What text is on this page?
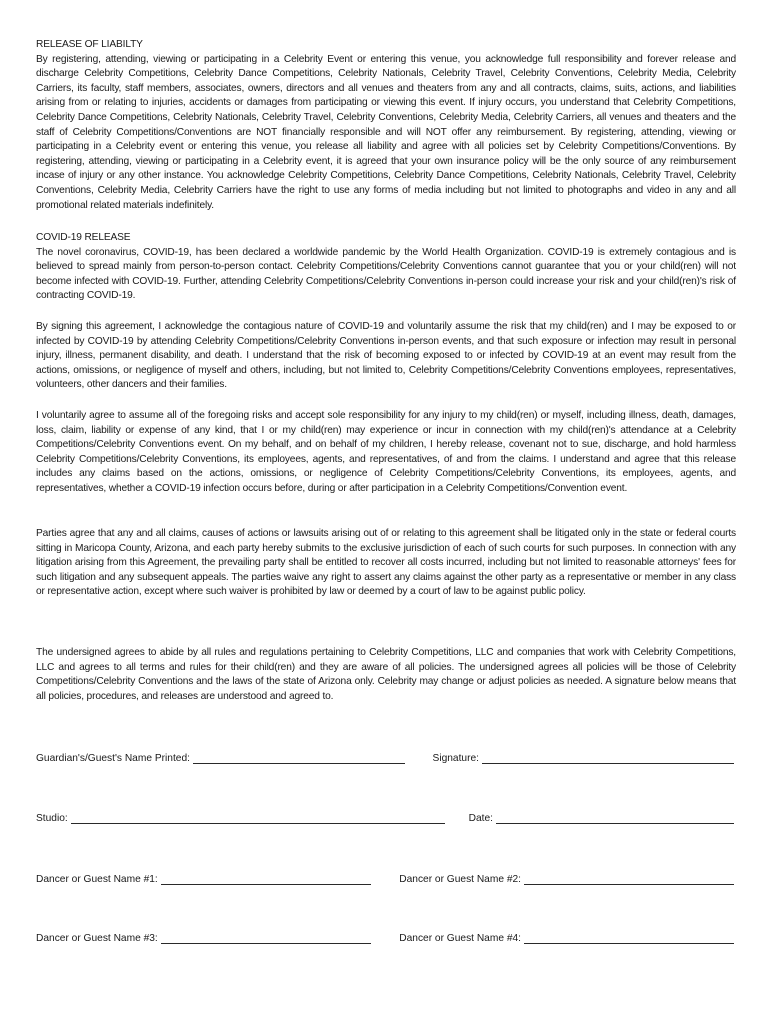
RELEASE OF LIABILTY
By registering, attending, viewing or participating in a Celebrity Event or entering this venue, you acknowledge full responsibility and forever release and discharge Celebrity Competitions, Celebrity Dance Competitions, Celebrity Nationals, Celebrity Travel, Celebrity Conventions, Celebrity Media, Celebrity Carriers, its faculty, staff members, associates, owners, directors and all venues and theaters from any and all contracts, claims, suits, actions, and liabilities arising from or relating to injuries, accidents or damages from participating or viewing this event. If injury occurs, you understand that Celebrity Competitions, Celebrity Dance Competitions, Celebrity Nationals, Celebrity Travel, Celebrity Conventions, Celebrity Media, Celebrity Carriers, all venues and theaters and the staff of Celebrity Competitions/Conventions are NOT financially responsible and will NOT offer any reimbursement. By registering, attending, viewing or participating in a Celebrity event or entering this venue, you release all liability and agree with all policies set by Celebrity Competitions/Conventions. By registering, attending, viewing or participating in a Celebrity event, it is agreed that your own insurance policy will be the only source of any reimbursement incase of injury or any other instance. You acknowledge Celebrity Competitions, Celebrity Dance Competitions, Celebrity Nationals, Celebrity Travel, Celebrity Conventions, Celebrity Media, Celebrity Carriers have the right to use any forms of media including but not limited to photographs and video in any and all promotional related materials indefinitely.
COVID-19 RELEASE
The novel coronavirus, COVID-19, has been declared a worldwide pandemic by the World Health Organization. COVID-19 is extremely contagious and is believed to spread mainly from person-to-person contact. Celebrity Competitions/Celebrity Conventions cannot guarantee that you or your child(ren) will not become infected with COVID-19. Further, attending Celebrity Competitions/Celebrity Conventions in-person could increase your risk and your child(ren)'s risk of contracting COVID-19.

By signing this agreement, I acknowledge the contagious nature of COVID-19 and voluntarily assume the risk that my child(ren) and I may be exposed to or infected by COVID-19 by attending Celebrity Competitions/Celebrity Conventions in-person events, and that such exposure or infection may result in personal injury, illness, permanent disability, and death. I understand that the risk of becoming exposed to or infected by COVID-19 at an event may result from the actions, omissions, or negligence of myself and others, including, but not limited to, Celebrity Competitions/Celebrity Conventions employees, representatives, volunteers, other dancers and their families.

I voluntarily agree to assume all of the foregoing risks and accept sole responsibility for any injury to my child(ren) or myself, including illness, death, damages, loss, claim, liability or expense of any kind, that I or my child(ren) may experience or incur in connection with my child(ren)'s attendance at a Celebrity Competitions/Celebrity Conventions event. On my behalf, and on behalf of my children, I hereby release, covenant not to sue, discharge, and hold harmless Celebrity Competitions/Celebrity Conventions, its employees, agents, and representatives, of and from the claims. I understand and agree that this release includes any claims based on the actions, omissions, or negligence of Celebrity Competitions/Celebrity Conventions, its employees, agents, and representatives, whether a COVID-19 infection occurs before, during or after participation in a Celebrity Competitions/Convention event.

Parties agree that any and all claims, causes of actions or lawsuits arising out of or relating to this agreement shall be litigated only in the state or federal courts sitting in Maricopa County, Arizona, and each party hereby submits to the exclusive jurisdiction of each of such courts for such purposes. In connection with any litigation arising from this Agreement, the prevailing party shall be entitled to recover all costs incurred, including but not limited to reasonable attorneys' fees for such litigation and any subsequent appeals. The parties waive any right to assert any claims against the other party as a representative or member in any class or representative action, except where such waiver is prohibited by law or deemed by a court of law to be against public policy.

The undersigned agrees to abide by all rules and regulations pertaining to Celebrity Competitions, LLC and companies that work with Celebrity Competitions, LLC and agrees to all terms and rules for their child(ren) and they are aware of all policies. The undersigned agrees all policies will be those of Celebrity Competitions/Celebrity Conventions and the laws of the state of Arizona only. Celebrity may change or adjust policies as needed. A signature below means that all policies, procedures, and releases are understood and agreed to.

Guardian's/Guest's Name Printed:	Signature:
Studio:	Date:
Dancer or Guest Name #1:	Dancer or Guest Name #2:
Dancer or Guest Name #3:	Dancer or Guest Name #4:
